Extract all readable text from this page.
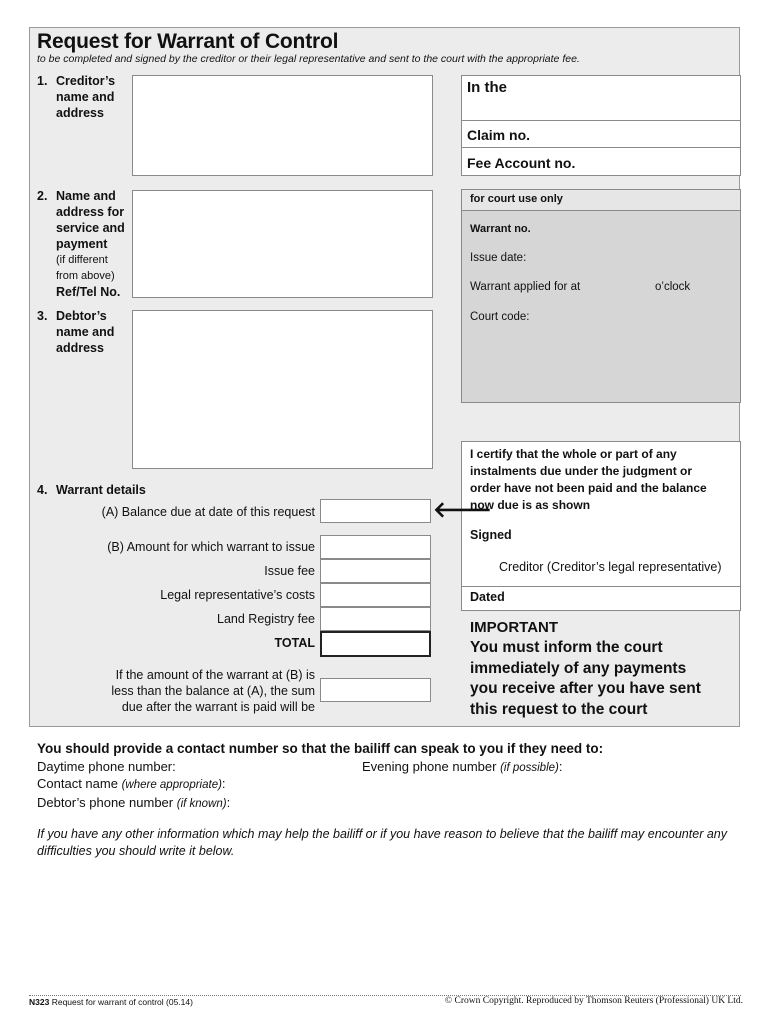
Request for Warrant of Control
to be completed and signed by the creditor or their legal representative and sent to the court with the appropriate fee.
1. Creditor’s
name and
address
2. Name and
address for
service and
payment
(if different
from above)
Ref/Tel No.
3. Debtor’s
name and
address
In the
Claim no.
Fee Account no.
for court use only
Warrant no.
Issue date:
Warrant applied for at	o’clock
Court code:
I certify that the whole or part of any
instalments due under the judgment or
order have not been paid and the balance
now due is as shown
Signed
Creditor (Creditor’s legal representative)
Dated
4. Warrant details
(A) Balance due at date of this request	🡐
(B) Amount for which warrant to issue
Issue fee
Legal representative’s costs
Land Registry fee
TOTAL
If the amount of the warrant at (B) is
less than the balance at (A), the sum
due after the warrant is paid will be
IMPORTANT
You must inform the court
immediately of any payments
you receive after you have sent
this request to the court
You should provide a contact number so that the bailiff can speak to you if they need to:
Daytime phone number:	Evening phone number (if possible):
Contact name (where appropriate):
Debtor’s phone number (if known):
If you have any other information which may help the bailiff or if you have reason to believe that the bailiff may encounter any difficulties you should write it below.
N323 Request for warrant of control (05.14)	© Crown Copyright. Reproduced by Thomson Reuters (Professional) UK Ltd.
